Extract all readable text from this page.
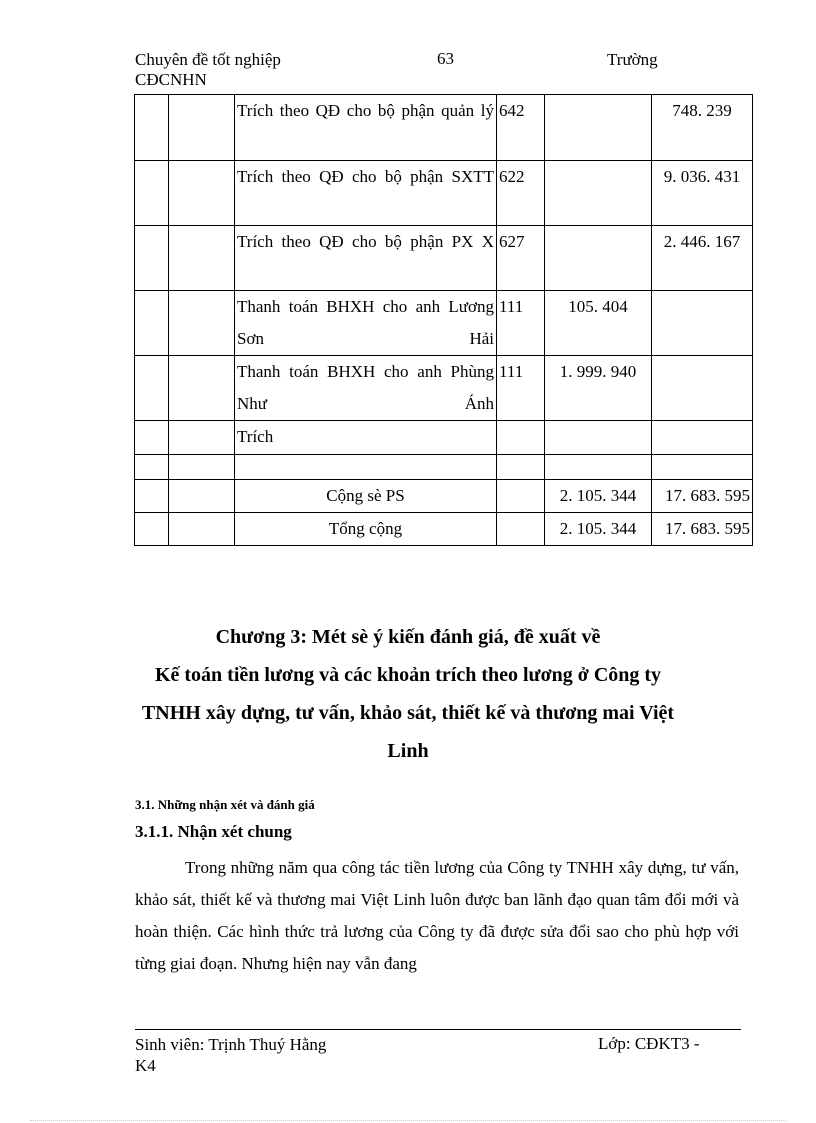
Chuyên đề tốt nghiệp
CĐCNHN
63	Trường
		Trích theo QĐ cho bộ phận quản lý	642		748. 239
		Trích theo QĐ cho bộ phận SXTT	622		9. 036. 431
		Trích theo QĐ cho bộ phận PX X	627		2. 446. 167
		Thanh toán BHXH cho anh Lương Sơn Hải	111	105. 404	
		Thanh toán BHXH cho anh Phùng Như Ánh	111	1. 999. 940	
		Trích			

		Cộng sè PS		2. 105. 344	17. 683. 595
		Tổng cộng		2. 105. 344	17. 683. 595
Chương 3: Mét sè ý kiến đánh giá, đề xuất về
Kế toán tiền lương và các khoản trích theo lương ở Công ty
TNHH xây dựng, tư vấn, khảo sát, thiết kế và thương mai Việt
Linh
3.1. Những nhận xét và đánh giá
3.1.1. Nhận xét chung
Trong những năm qua công tác tiền lương của Công ty TNHH xây dựng, tư vấn, khảo sát, thiết kế và thương mai Việt Linh luôn được ban lãnh đạo quan tâm đổi mới và hoàn thiện. Các hình thức trả lương của Công ty đã được sửa đổi sao cho phù hợp với từng giai đoạn. Nhưng hiện nay vẫn đang
Sinh viên: Trịnh Thuý Hằng
K4
Lớp: CĐKT3 -
